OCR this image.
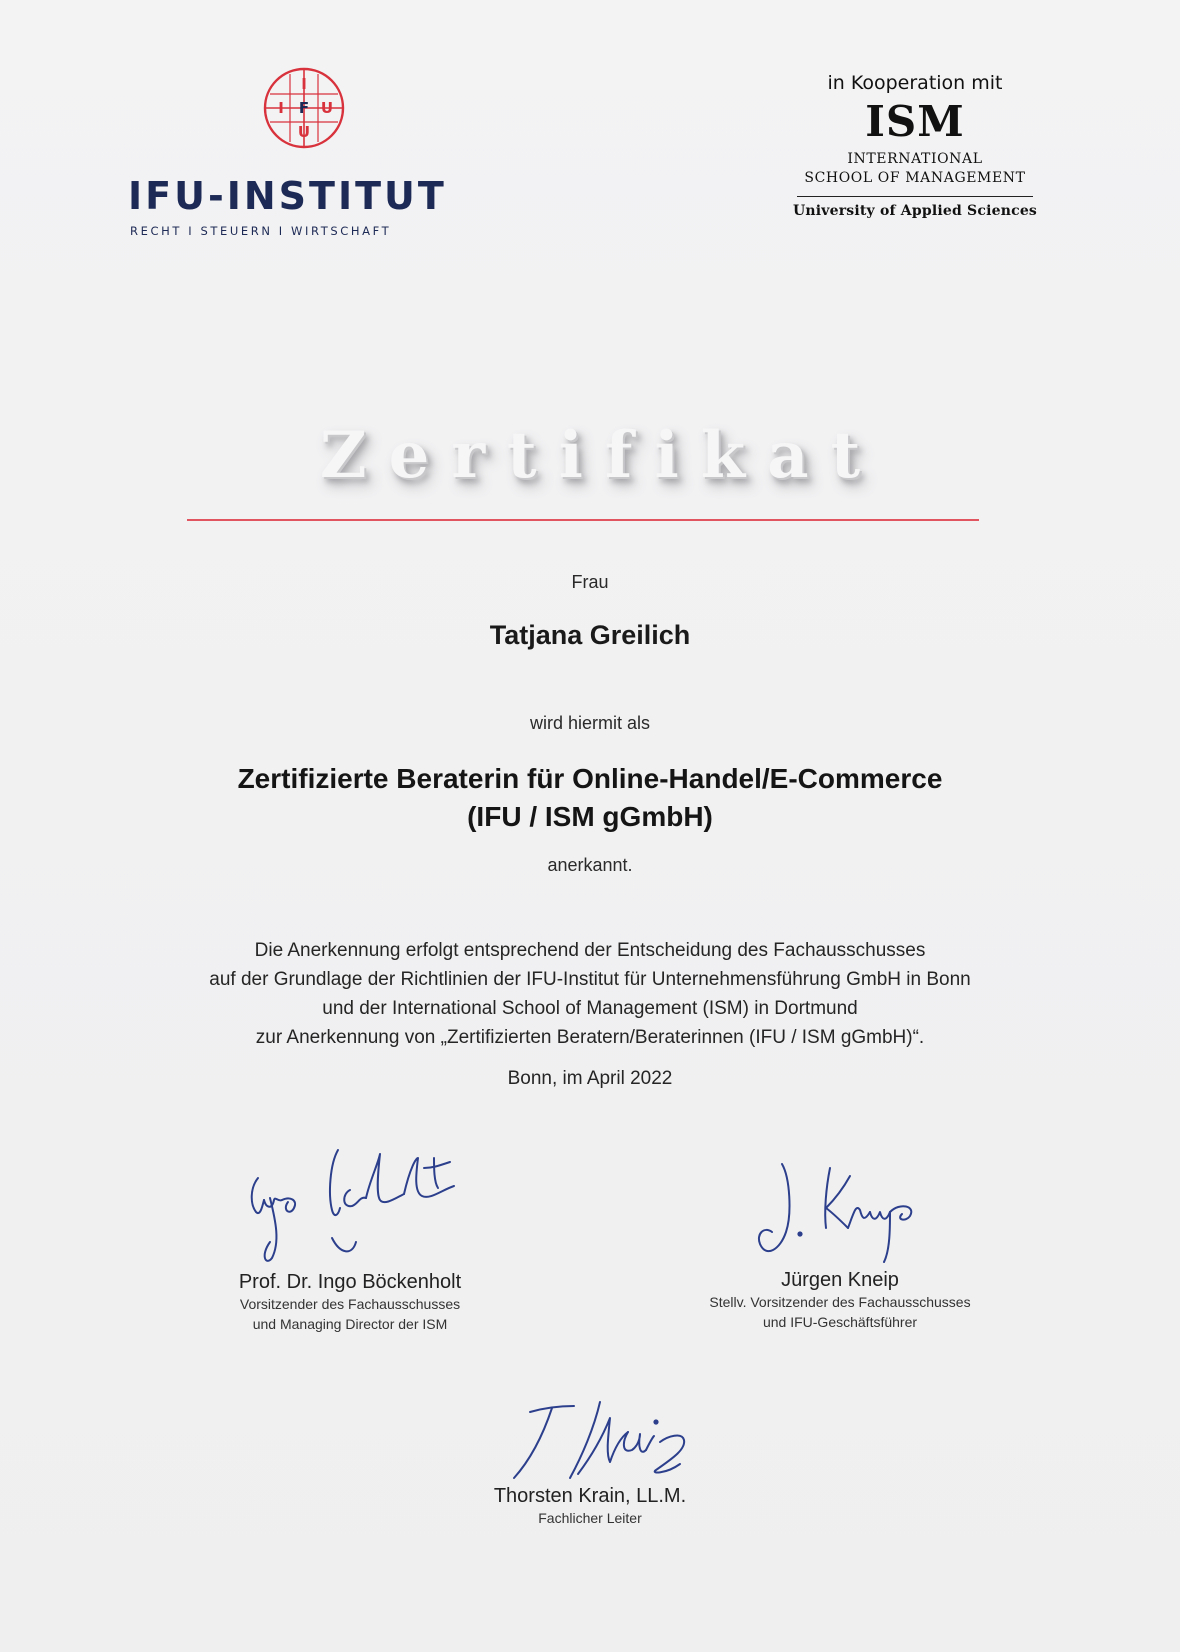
I
I F U
U
IFU-INSTITUT
RECHT I STEUERN I WIRTSCHAFT
in Kooperation mit
ISM
INTERNATIONAL
SCHOOL OF MANAGEMENT
University of Applied Sciences
Zertifikat
Frau
Tatjana Greilich
wird hiermit als
Zertifizierte Beraterin für Online-Handel/E-Commerce
(IFU / ISM gGmbH)
anerkannt.
Die Anerkennung erfolgt entsprechend der Entscheidung des Fachausschusses
auf der Grundlage der Richtlinien der IFU-Institut für Unternehmensführung GmbH in Bonn
und der International School of Management (ISM) in Dortmund
zur Anerkennung von „Zertifizierten Beratern/Beraterinnen (IFU / ISM gGmbH)“.
Bonn, im April 2022
Prof. Dr. Ingo Böckenholt
Vorsitzender des Fachausschusses
und Managing Director der ISM
Jürgen Kneip
Stellv. Vorsitzender des Fachausschusses
und IFU-Geschäftsführer
Thorsten Krain, LL.M.
Fachlicher Leiter
